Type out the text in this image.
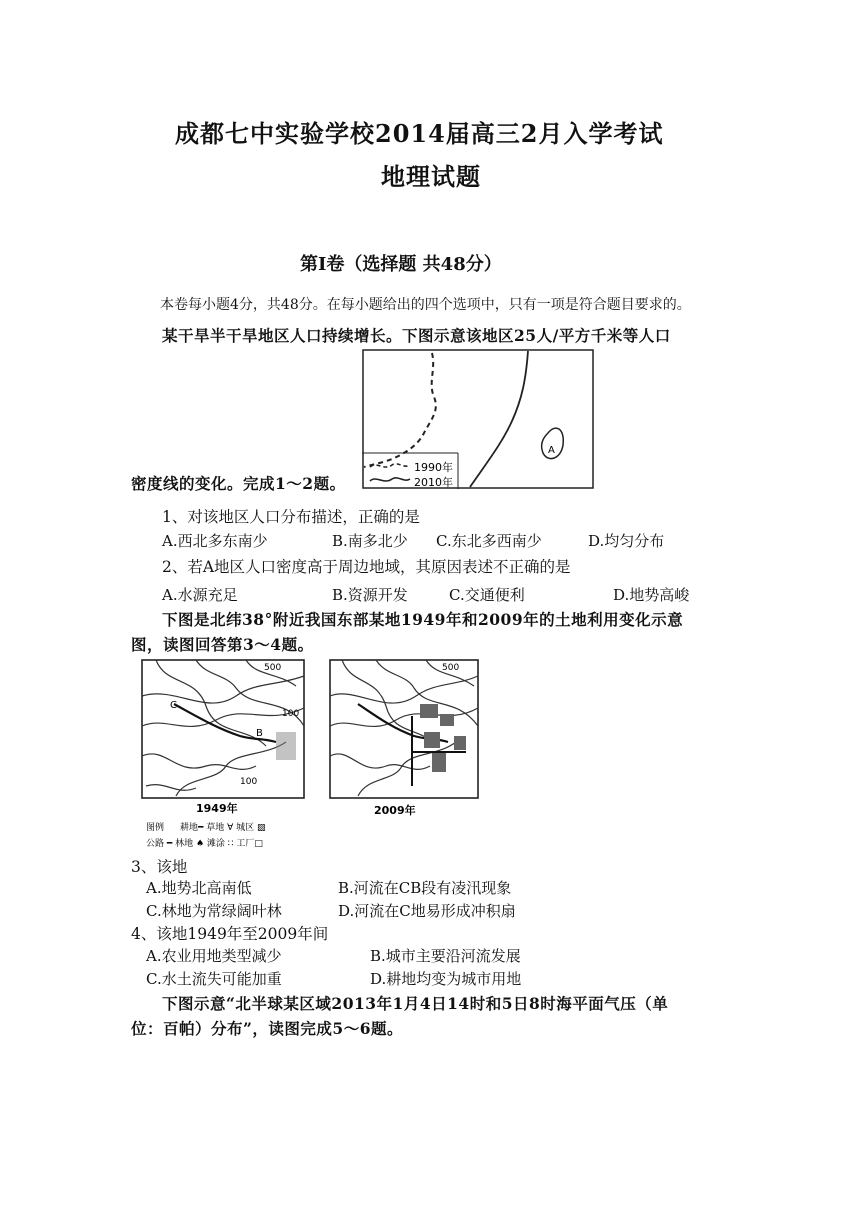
成都七中实验学校2014届高三2月入学考试
地理试题
第Ⅰ卷（选择题 共48分）
本卷每小题4分，共48分。在每小题给出的四个选项中，只有一项是符合题目要求的。
某干旱半干旱地区人口持续增长。下图示意该地区25人/平方千米等人口
A
1990年
2010年
密度线的变化。完成1～2题。
1、对该地区人口分布描述，正确的是
A.西北多东南少	B.南多北少 C.东北多西南少	D.均匀分布
2、若A地区人口密度高于周边地域，其原因表述不正确的是
A.水源充足	B.资源开发	C.交通便利	D.地势高峻
下图是北纬38°附近我国东部某地1949年和2009年的土地利用变化示意
图，读图回答第3～4题。
500
100
100
C
B
1949年
500
2009年
图例 耕地━ 草地 ∀ 城区 ▨
公路 ━ 林地 ♠ 滩涂 ∷ 工厂□
3、该地
A.地势北高南低	B.河流在CB段有凌汛现象
C.林地为常绿阔叶林	D.河流在C地易形成冲积扇
4、该地1949年至2009年间
A.农业用地类型减少	B.城市主要沿河流发展
C.水土流失可能加重	D.耕地均变为城市用地
下图示意“北半球某区域2013年1月4日14时和5日8时海平面气压（单
位：百帕）分布”，读图完成5～6题。
